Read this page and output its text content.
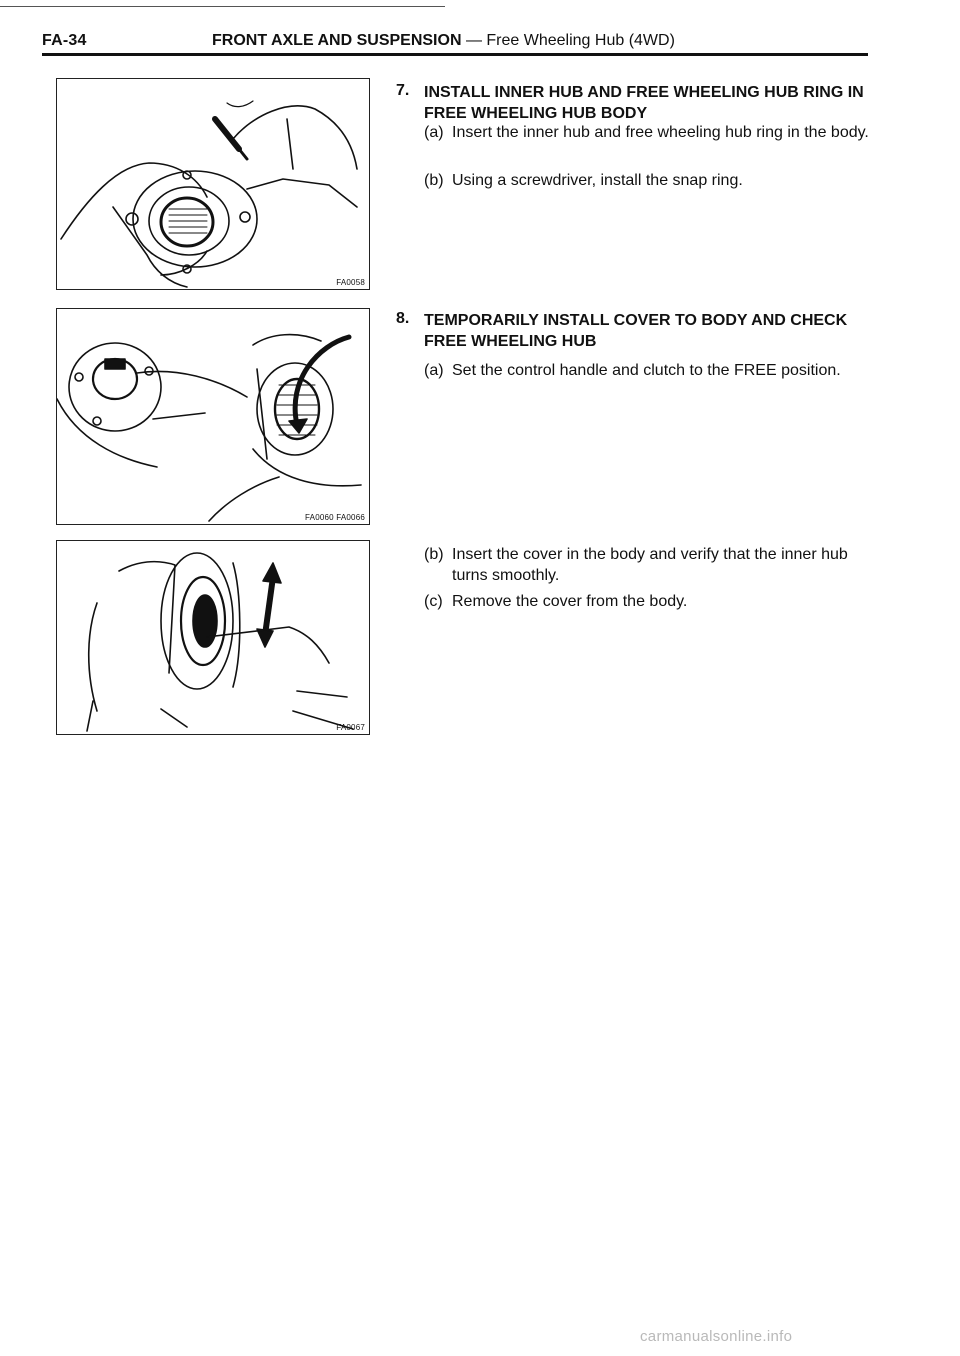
FA-34	FRONT AXLE AND SUSPENSION — Free Wheeling Hub (4WD)
FA0058
FA0060 FA0066
FA0067
7. INSTALL INNER HUB AND FREE WHEELING HUB RING IN FREE WHEELING HUB BODY
(a) Insert the inner hub and free wheeling hub ring in the body.
(b) Using a screwdriver, install the snap ring.
8. TEMPORARILY INSTALL COVER TO BODY AND CHECK FREE WHEELING HUB
(a) Set the control handle and clutch to the FREE position.
(b) Insert the cover in the body and verify that the inner hub turns smoothly.
(c) Remove the cover from the body.
carmanualsonline.info
